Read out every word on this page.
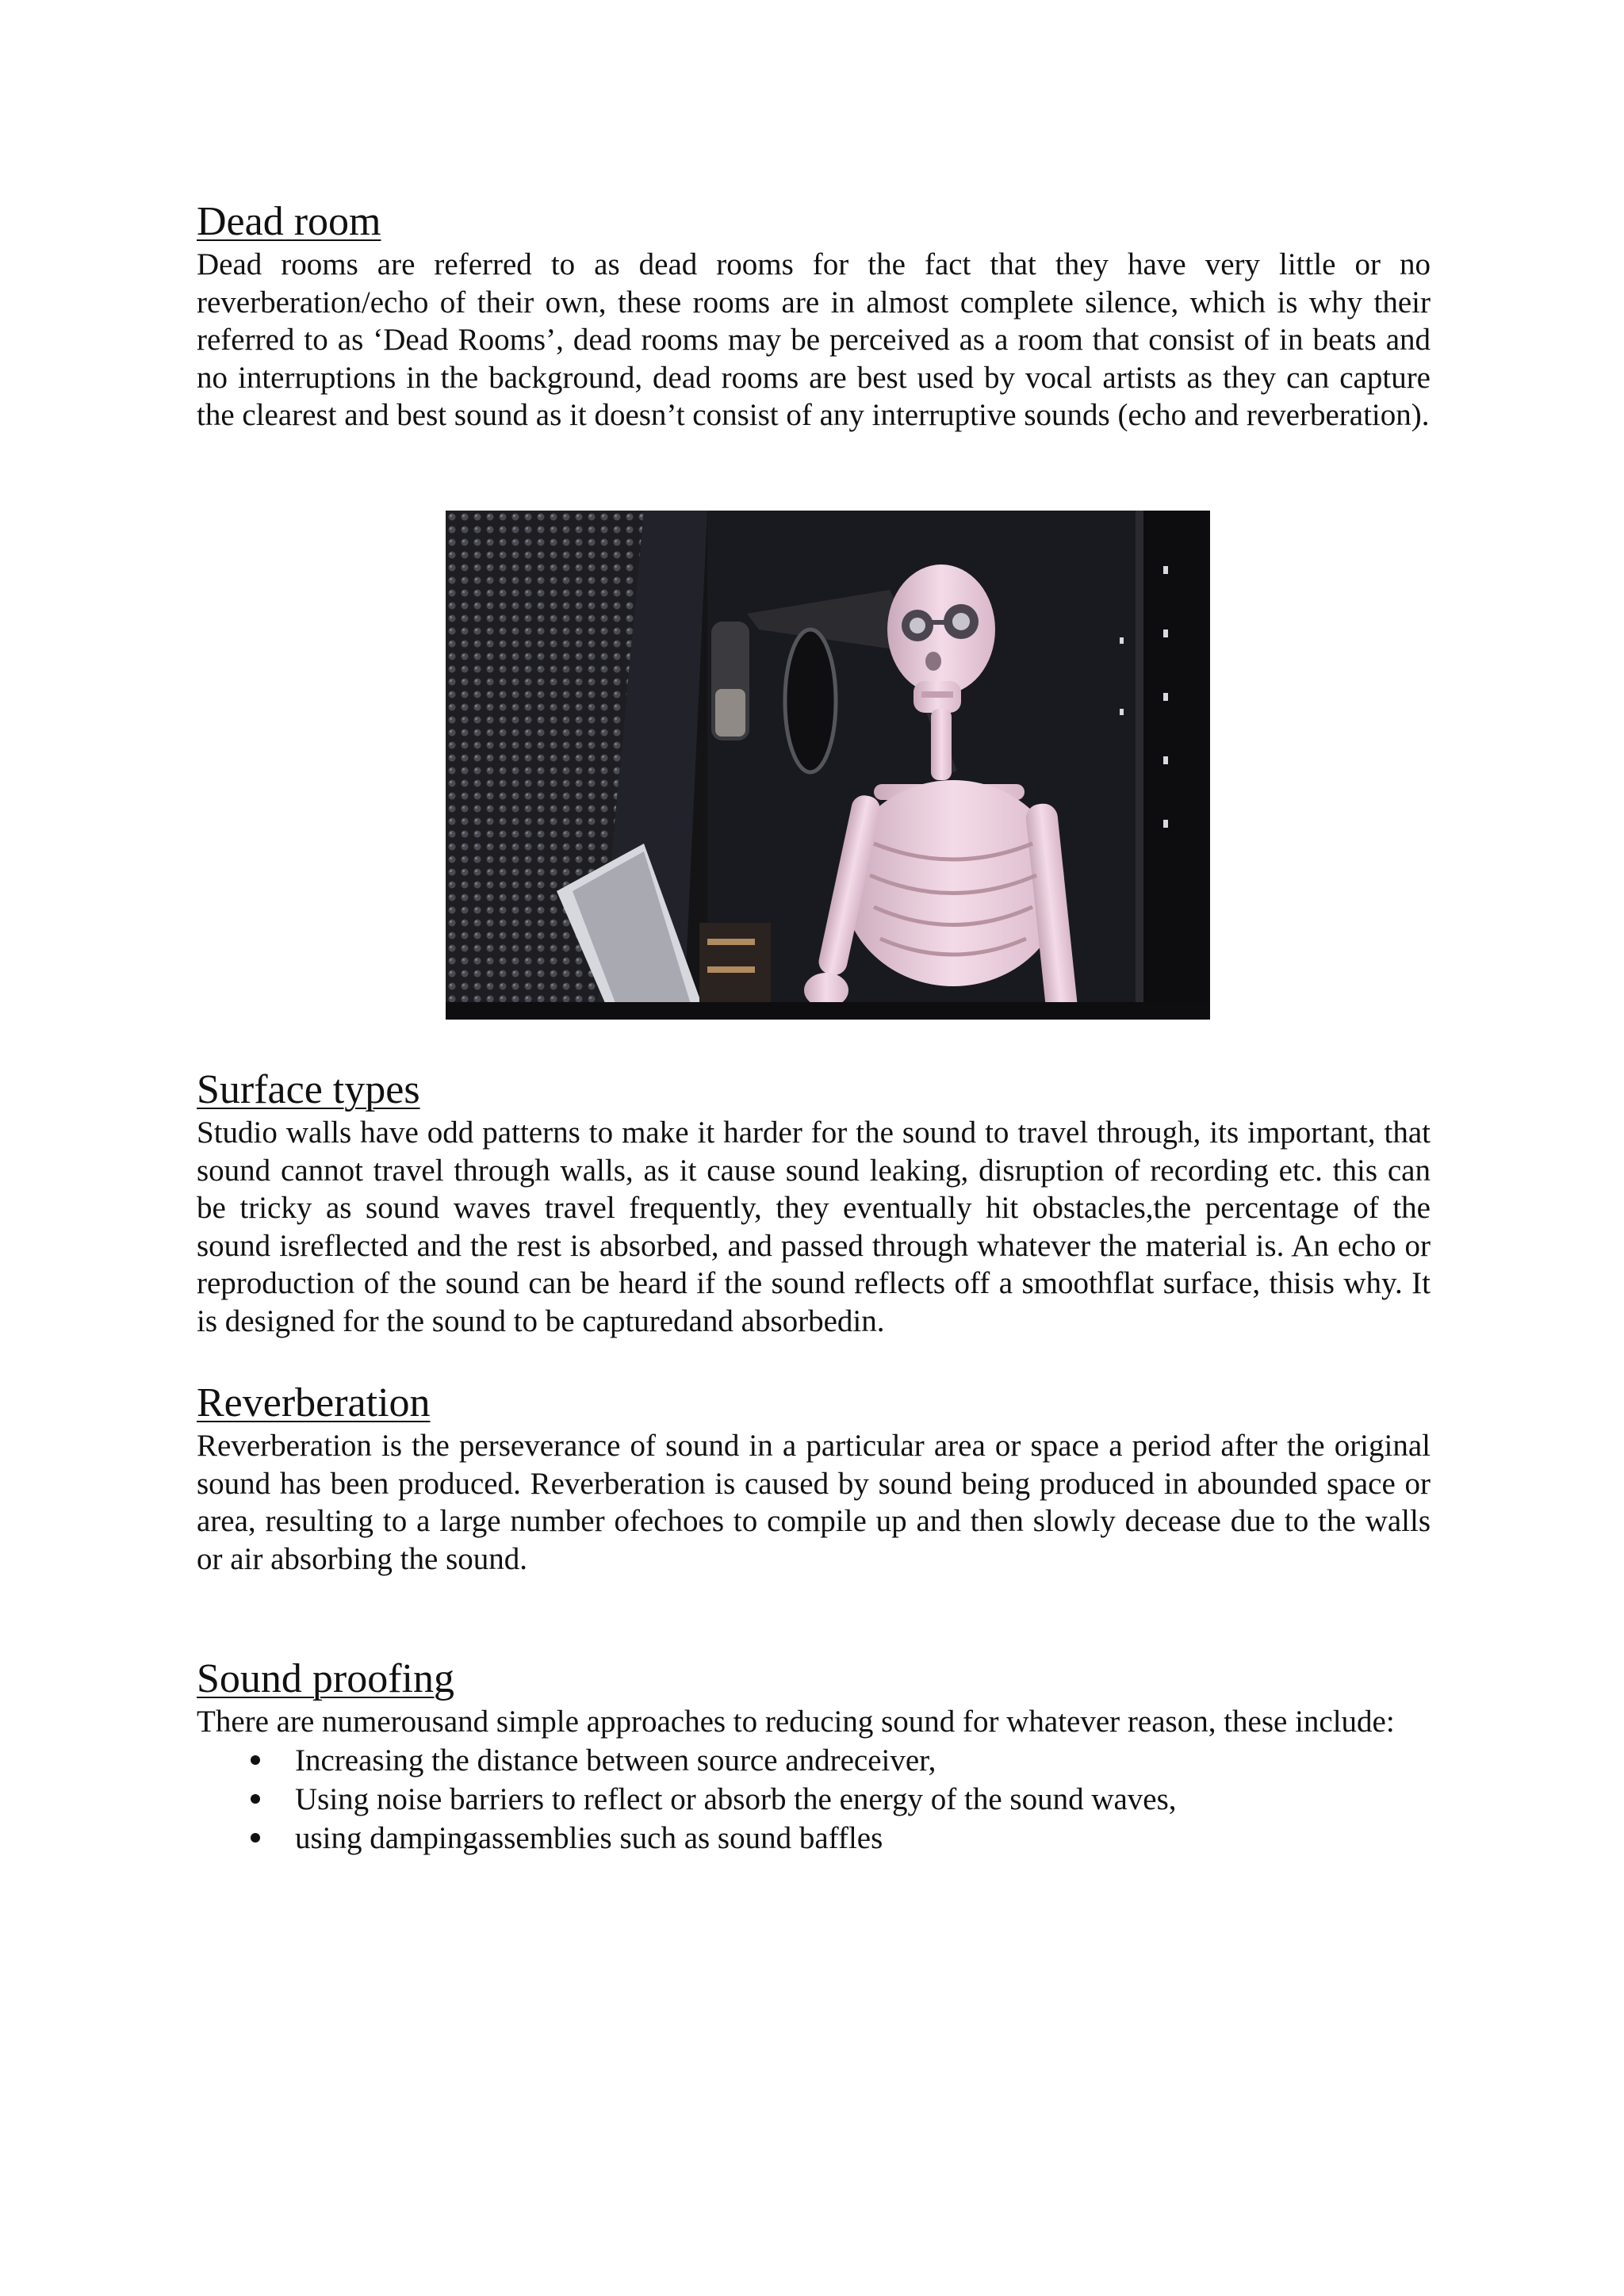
Dead room

Dead rooms are referred to as dead rooms for the fact that they have very little or no reverberation/echo of their own, these rooms are in almost complete silence, which is why their referred to as ‘Dead Rooms’, dead rooms may be perceived as a room that consist of in beats and no interruptions in the background, dead rooms are best used by vocal artists as they can capture the clearest and best sound as it doesn’t consist of any interruptive sounds (echo and reverberation).

Surface types

Studio walls have odd patterns to make it harder for the sound to travel through, its important, that sound cannot travel through walls, as it cause sound leaking, disruption of recording etc. this can be tricky as sound waves travel frequently, they eventually hit obstacles,the percentage of the sound isreflected and the rest is absorbed, and passed through whatever the material is. An echo or reproduction of the sound can be heard if the sound reflects off a smoothflat surface, thisis why. It is designed for the sound to be capturedand absorbedin.

Reverberation

Reverberation is the perseverance of sound in a particular area or space a period after the original sound has been produced. Reverberation is caused by sound being produced in abounded space or area, resulting to a large number ofechoes to compile up and then slowly decease due to the walls or air absorbing the sound.

Sound proofing

There are numerousand simple approaches to reducing sound for whatever reason, these include:

Increasing the distance between source andreceiver,
Using noise barriers to reflect or absorb the energy of the sound waves,
using dampingassemblies such as sound baffles
